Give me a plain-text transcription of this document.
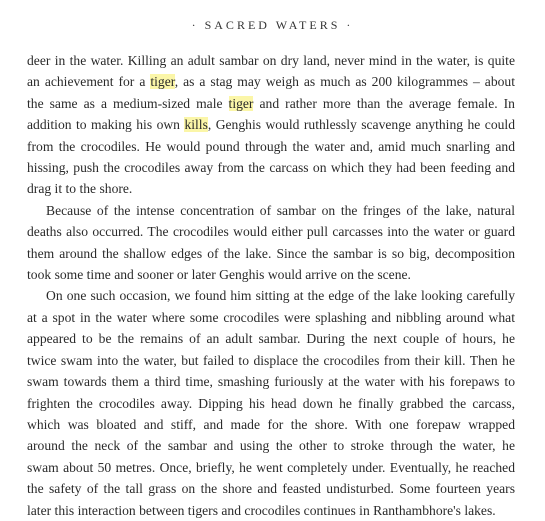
· SACRED WATERS ·
deer in the water. Killing an adult sambar on dry land, never mind in the water, is quite
an achievement for a tiger, as a stag may weigh as much as 200 kilogrammes – about
the same as a medium-sized male tiger and rather more than the average female. In
addition to making his own kills, Genghis would ruthlessly scavenge anything he could
from the crocodiles. He would pound through the water and, amid much snarling and
hissing, push the crocodiles away from the carcass on which they had been feeding and
drag it to the shore.
Because of the intense concentration of sambar on the fringes of the lake, natural
deaths also occurred. The crocodiles would either pull carcasses into the water or guard
them around the shallow edges of the lake. Since the sambar is so big, decomposition
took some time and sooner or later Genghis would arrive on the scene.
On one such occasion, we found him sitting at the edge of the lake looking carefully
at a spot in the water where some crocodiles were splashing and nibbling around what
appeared to be the remains of an adult sambar. During the next couple of hours, he
twice swam into the water, but failed to displace the crocodiles from their kill. Then he
swam towards them a third time, smashing furiously at the water with his forepaws to
frighten the crocodiles away. Dipping his head down he finally grabbed the carcass,
which was bloated and stiff, and made for the shore. With one forepaw wrapped
around the neck of the sambar and using the other to stroke through the water, he
swam about 50 metres. Once, briefly, he went completely under. Eventually, he reached
the safety of the tall grass on the shore and feasted undisturbed. Some fourteen years
later this interaction between tigers and crocodiles continues in Ranthambhore's lakes.
